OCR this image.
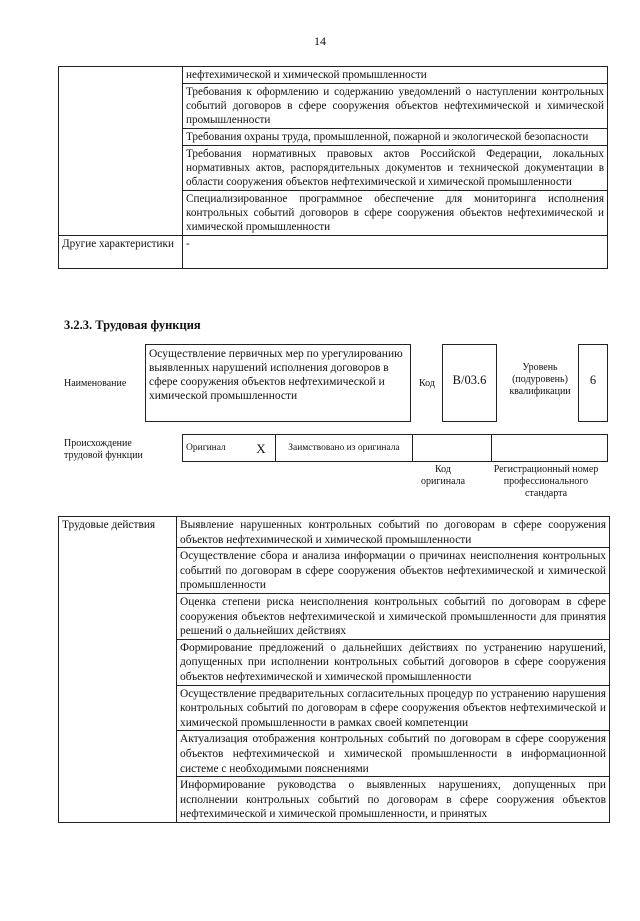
14
	нефтехимической и химической промышленности
	Требования к оформлению и содержанию уведомлений о наступлении контрольных событий договоров в сфере сооружения объектов нефтехимической и химической промышленности
	Требования охраны труда, промышленной, пожарной и экологической безопасности
	Требования нормативных правовых актов Российской Федерации, локальных нормативных актов, распорядительных документов и технической документации в области сооружения объектов нефтехимической и химической промышленности
	Специализированное программное обеспечение для мониторинга исполнения контрольных событий договоров в сфере сооружения объектов нефтехимической и химической промышленности
Другие характеристики	-
3.2.3. Трудовая функция
Наименование
Осуществление первичных мер по урегулированию выявленных нарушений исполнения договоров в сфере сооружения объектов нефтехимической и химической промышленности
Код	B/03.6
Уровень (подуровень) квалификации
6
Происхождение трудовой функции
Оригинал	X	Заимствовано из оригинала		
Код оригинала
Регистрационный номер профессионального стандарта
Трудовые действия	Выявление нарушенных контрольных событий по договорам в сфере сооружения объектов нефтехимической и химической промышленности
Осуществление сбора и анализа информации о причинах неисполнения контрольных событий по договорам в сфере сооружения объектов нефтехимической и химической промышленности
Оценка степени риска неисполнения контрольных событий по договорам в сфере сооружения объектов нефтехимической и химической промышленности для принятия решений о дальнейших действиях
Формирование предложений о дальнейших действиях по устранению нарушений, допущенных при исполнении контрольных событий договоров в сфере сооружения объектов нефтехимической и химической промышленности
Осуществление предварительных согласительных процедур по устранению нарушения контрольных событий по договорам в сфере сооружения объектов нефтехимической и химической промышленности в рамках своей компетенции
Актуализация отображения контрольных событий по договорам в сфере сооружения объектов нефтехимической и химической промышленности в информационной системе с необходимыми пояснениями
Информирование руководства о выявленных нарушениях, допущенных при исполнении контрольных событий по договорам в сфере сооружения объектов нефтехимической и химической промышленности, и принятых
